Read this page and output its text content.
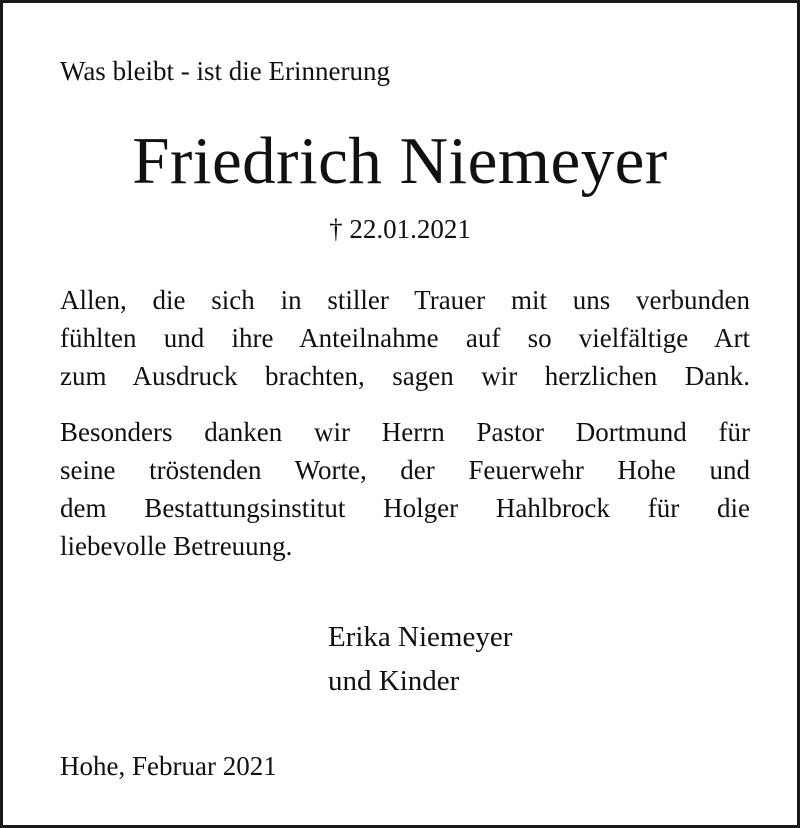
Was bleibt - ist die Erinnerung
Friedrich Niemeyer
† 22.01.2021
Allen, die sich in stiller Trauer mit uns verbunden
fühlten und ihre Anteilnahme auf so vielfältige Art
zum Ausdruck brachten, sagen wir herzlichen Dank.
Besonders danken wir Herrn Pastor Dortmund für
seine tröstenden Worte, der Feuerwehr Hohe und
dem Bestattungsinstitut Holger Hahlbrock für die
liebevolle Betreuung.
Erika Niemeyer
und Kinder
Hohe, Februar 2021
